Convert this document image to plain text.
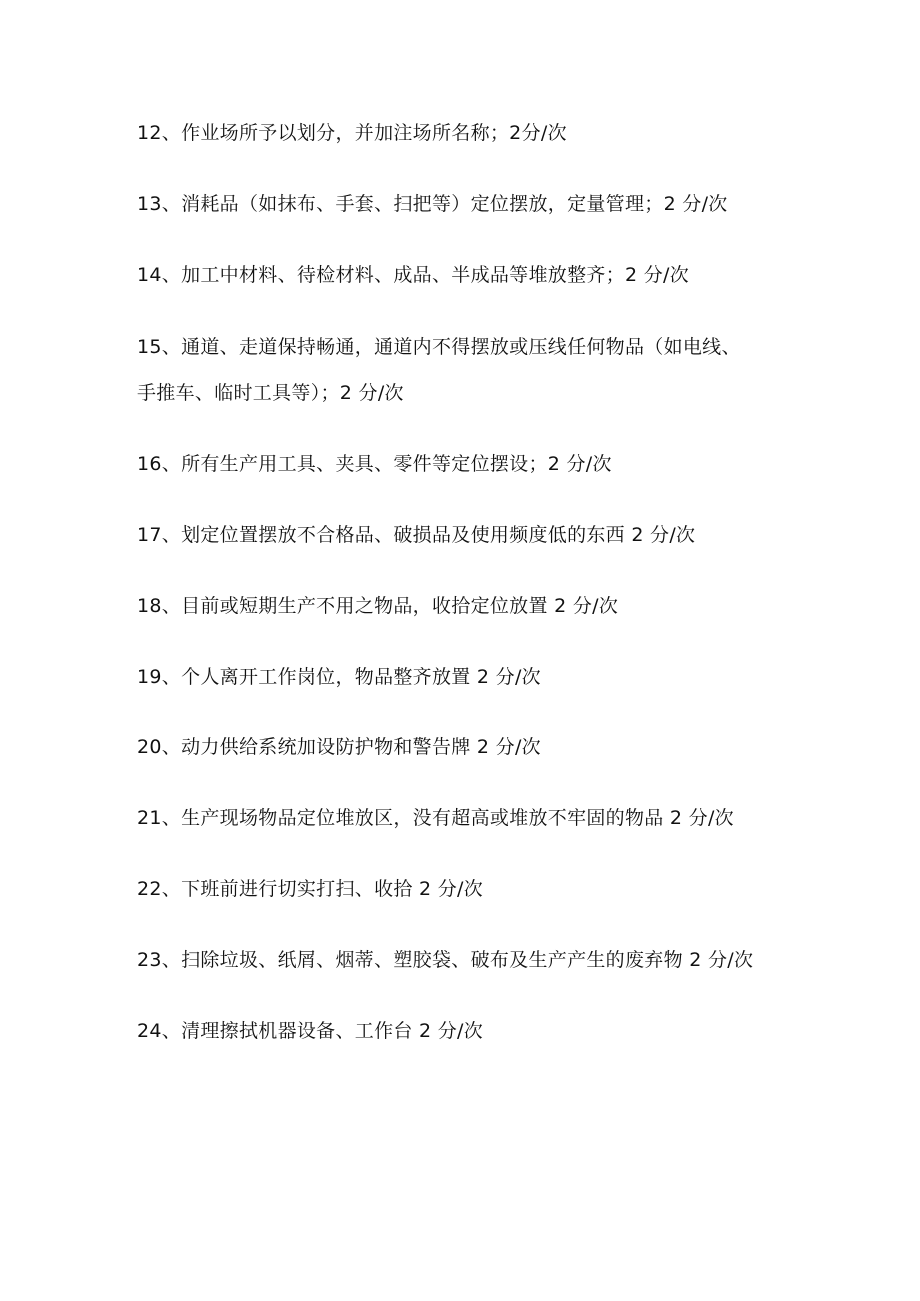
12、作业场所予以划分，并加注场所名称；2分/次
13、消耗品（如抹布、手套、扫把等）定位摆放，定量管理；2 分/次
14、加工中材料、待检材料、成品、半成品等堆放整齐；2 分/次
15、通道、走道保持畅通，通道内不得摆放或压线任何物品（如电线、
手推车、临时工具等）；2 分/次
16、所有生产用工具、夹具、零件等定位摆设；2 分/次
17、划定位置摆放不合格品、破损品及使用频度低的东西 2 分/次
18、目前或短期生产不用之物品，收拾定位放置 2 分/次
19、个人离开工作岗位，物品整齐放置 2 分/次
20、动力供给系统加设防护物和警告牌 2 分/次
21、生产现场物品定位堆放区，没有超高或堆放不牢固的物品 2 分/次
22、下班前进行切实打扫、收拾 2 分/次
23、扫除垃圾、纸屑、烟蒂、塑胶袋、破布及生产产生的废弃物 2 分/次
24、清理擦拭机器设备、工作台 2 分/次
